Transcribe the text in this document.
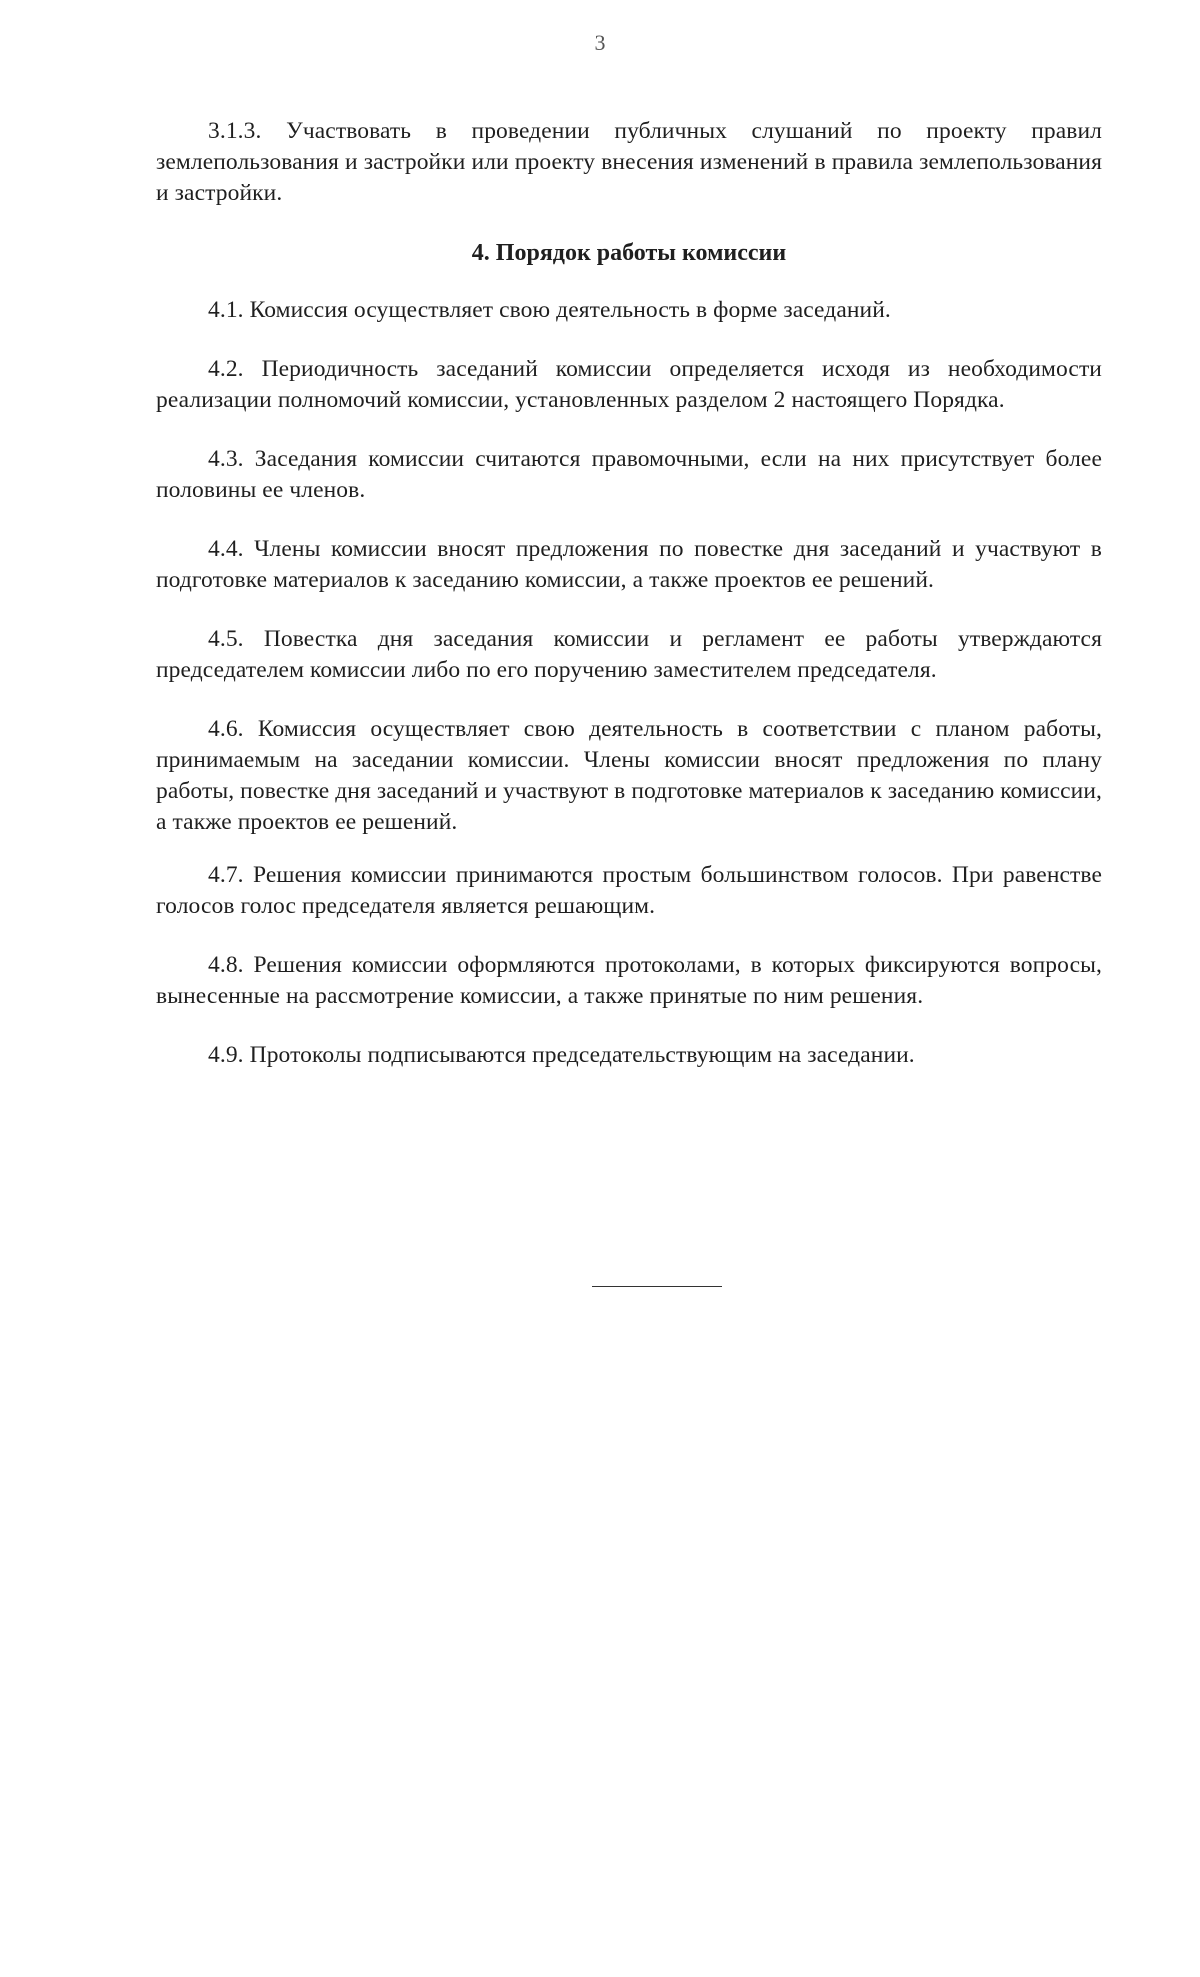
3

3.1.3. Участвовать в проведении публичных слушаний по проекту правил землепользования и застройки или проекту внесения изменений в правила землепользования и застройки.

4. Порядок работы комиссии

4.1. Комиссия осуществляет свою деятельность в форме заседаний.

4.2. Периодичность заседаний комиссии определяется исходя из необходимости реализации полномочий комиссии, установленных разделом 2 настоящего Порядка.

4.3. Заседания комиссии считаются правомочными, если на них присутствует более половины ее членов.

4.4. Члены комиссии вносят предложения по повестке дня заседаний и участвуют в подготовке материалов к заседанию комиссии, а также проектов ее решений.

4.5. Повестка дня заседания комиссии и регламент ее работы утверждаются председателем комиссии либо по его поручению заместителем председателя.

4.6. Комиссия осуществляет свою деятельность в соответствии с планом работы, принимаемым на заседании комиссии. Члены комиссии вносят предложения по плану работы, повестке дня заседаний и участвуют в подготовке материалов к заседанию комиссии, а также проектов ее решений.

4.7. Решения комиссии принимаются простым большинством голосов. При равенстве голосов голос председателя является решающим.

4.8. Решения комиссии оформляются протоколами, в которых фиксируются вопросы, вынесенные на рассмотрение комиссии, а также принятые по ним решения.

4.9. Протоколы подписываются председательствующим на заседании.
